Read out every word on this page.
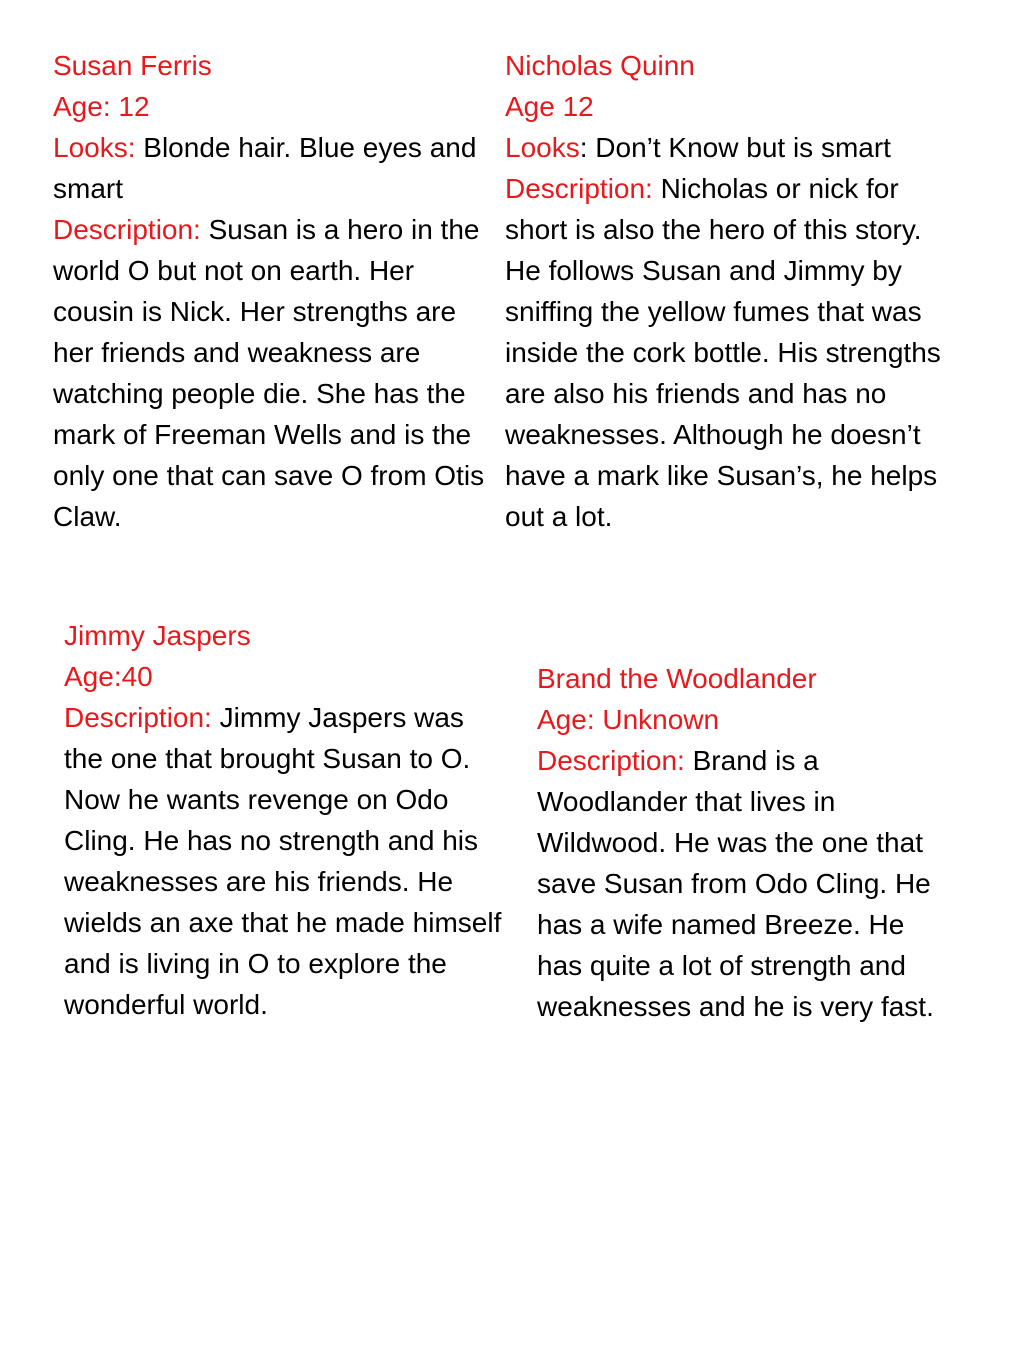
Susan Ferris
Age: 12
Looks: Blonde hair. Blue eyes and smart
Description: Susan is a hero in the world O but not on earth. Her cousin is Nick. Her strengths are her friends and weakness are watching people die. She has the mark of Freeman Wells and is the only one that can save O from Otis Claw.
Nicholas Quinn
Age 12
Looks: Don’t Know but is smart
Description: Nicholas or nick for short is also the hero of this story. He follows Susan and Jimmy by sniffing the yellow fumes that was inside the cork bottle. His strengths are also his friends and has no weaknesses. Although he doesn’t have a mark like Susan’s, he helps out a lot.
Jimmy Jaspers
Age:40
Description: Jimmy Jaspers was the one that brought Susan to O. Now he wants revenge on Odo Cling. He has no strength and his weaknesses are his friends. He wields an axe that he made himself and is living in O to explore the wonderful world.
Brand the Woodlander
Age: Unknown
Description: Brand is a Woodlander that lives in Wildwood. He was the one that save Susan from Odo Cling. He has a wife named Breeze. He has quite a lot of strength and weaknesses and he is very fast.
